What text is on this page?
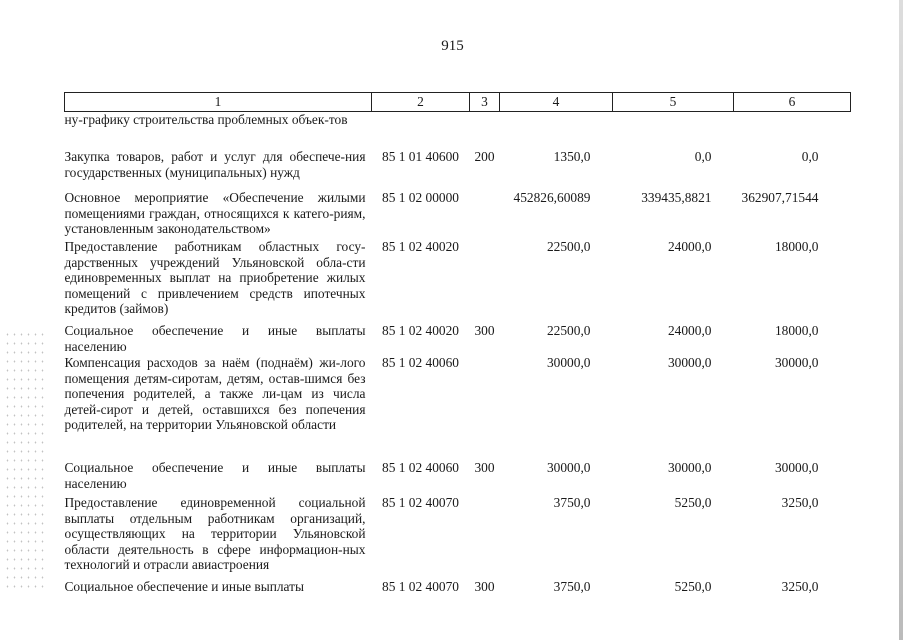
915
1	2	3	4	5	6
ну-графику строительства проблемных объек-тов					
Закупка товаров, работ и услуг для обеспече-ния государственных (муниципальных) нужд	85 1 01 40600	200	1350,0	0,0	0,0
Основное мероприятие «Обеспечение жилыми помещениями граждан, относящихся к катего-риям, установленным законодательством»	85 1 02 00000		452826,60089	339435,8821	362907,71544
Предоставление работникам областных госу-дарственных учреждений Ульяновской обла-сти единовременных выплат на приобретение жилых помещений с привлечением средств ипотечных кредитов (займов)	85 1 02 40020		22500,0	24000,0	18000,0
Социальное обеспечение и иные выплаты населению	85 1 02 40020	300	22500,0	24000,0	18000,0
Компенсация расходов за наём (поднаём) жи-лого помещения детям-сиротам, детям, остав-шимся без попечения родителей, а также ли-цам из числа детей-сирот и детей, оставшихся без попечения родителей, на территории Ульяновской области	85 1 02 40060		30000,0	30000,0	30000,0
Социальное обеспечение и иные выплаты населению	85 1 02 40060	300	30000,0	30000,0	30000,0
Предоставление единовременной социальной выплаты отдельным работникам организаций, осуществляющих на территории Ульяновской области деятельность в сфере информацион-ных технологий и отрасли авиастроения	85 1 02 40070		3750,0	5250,0	3250,0
Социальное обеспечение и иные выплаты	85 1 02 40070	300	3750,0	5250,0	3250,0
